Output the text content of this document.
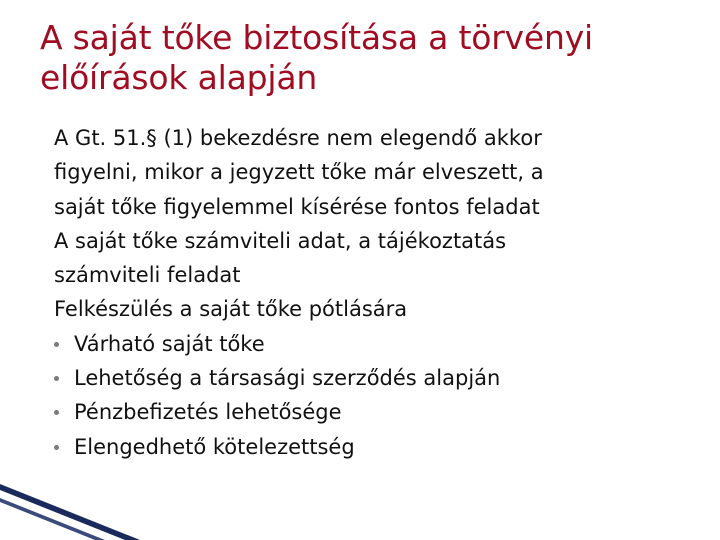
A saját tőke biztosítása a törvényi
előírások alapján
A Gt. 51.§ (1) bekezdésre nem elegendő akkor
figyelni, mikor a jegyzett tőke már elveszett, a
saját tőke figyelemmel kísérése fontos feladat
A saját tőke számviteli adat, a tájékoztatás
számviteli feladat
Felkészülés a saját tőke pótlására
Várható saját tőke
Lehetőség a társasági szerződés alapján
Pénzbefizetés lehetősége
Elengedhető kötelezettség
